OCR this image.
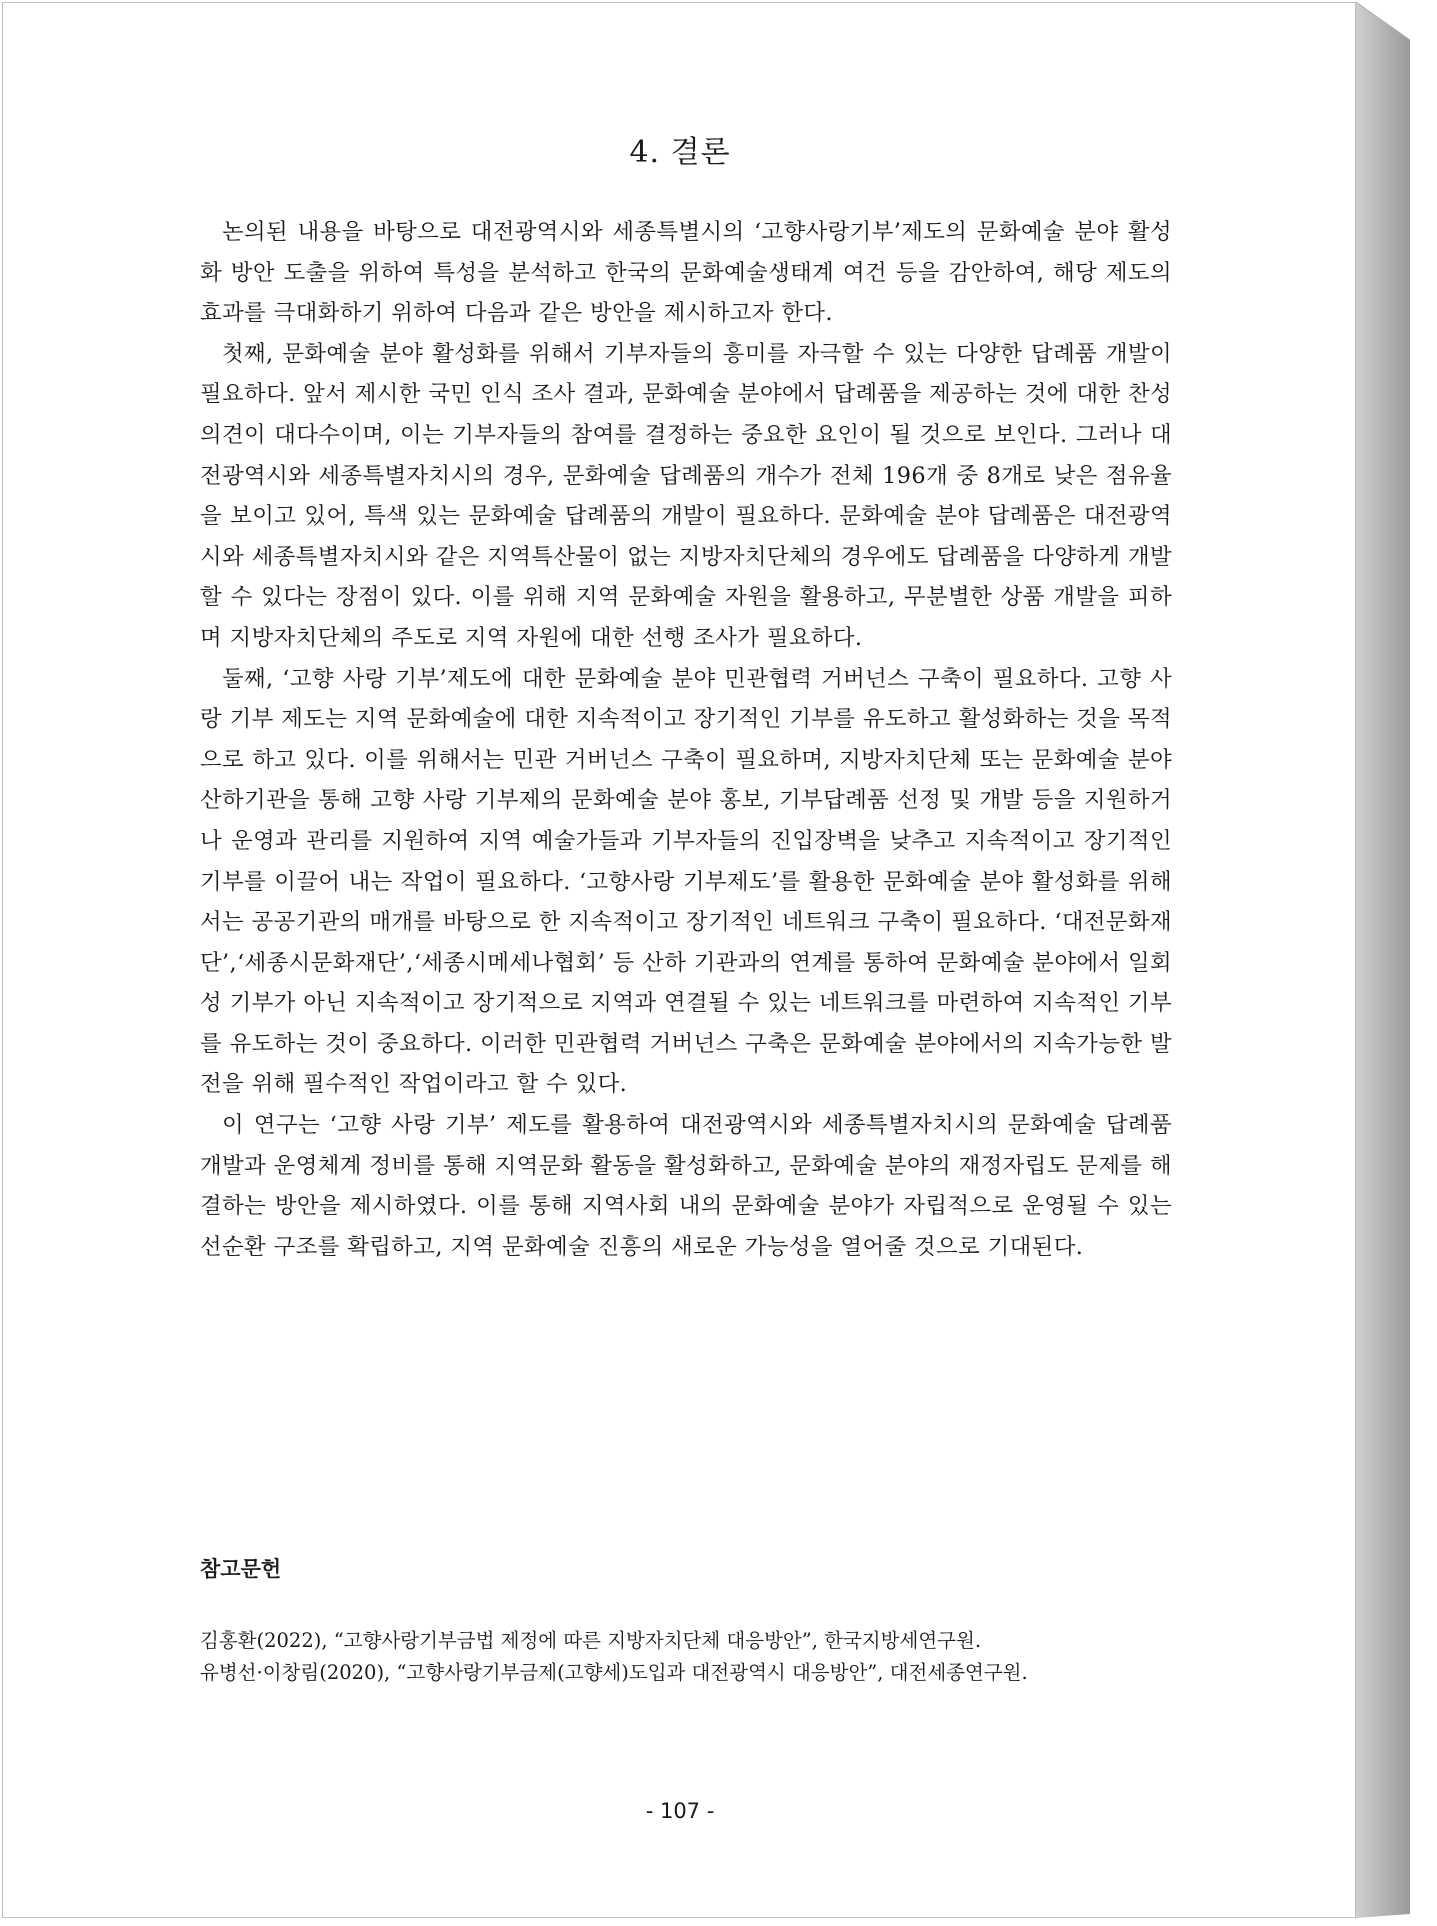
4. 결론

논의된 내용을 바탕으로 대전광역시와 세종특별시의 ‘고향사랑기부’제도의 문화예술 분야 활성화 방안 도출을 위하여 특성을 분석하고 한국의 문화예술생태계 여건 등을 감안하여, 해당 제도의 효과를 극대화하기 위하여 다음과 같은 방안을 제시하고자 한다.

첫째, 문화예술 분야 활성화를 위해서 기부자들의 흥미를 자극할 수 있는 다양한 답례품 개발이 필요하다. 앞서 제시한 국민 인식 조사 결과, 문화예술 분야에서 답례품을 제공하는 것에 대한 찬성 의견이 대다수이며, 이는 기부자들의 참여를 결정하는 중요한 요인이 될 것으로 보인다. 그러나 대전광역시와 세종특별자치시의 경우, 문화예술 답례품의 개수가 전체 196개 중 8개로 낮은 점유율을 보이고 있어, 특색 있는 문화예술 답례품의 개발이 필요하다. 문화예술 분야 답례품은 대전광역시와 세종특별자치시와 같은 지역특산물이 없는 지방자치단체의 경우에도 답례품을 다양하게 개발할 수 있다는 장점이 있다. 이를 위해 지역 문화예술 자원을 활용하고, 무분별한 상품 개발을 피하며 지방자치단체의 주도로 지역 자원에 대한 선행 조사가 필요하다.

둘째, ‘고향 사랑 기부’제도에 대한 문화예술 분야 민관협력 거버넌스 구축이 필요하다. 고향 사랑 기부 제도는 지역 문화예술에 대한 지속적이고 장기적인 기부를 유도하고 활성화하는 것을 목적으로 하고 있다. 이를 위해서는 민관 거버넌스 구축이 필요하며, 지방자치단체 또는 문화예술 분야 산하기관을 통해 고향 사랑 기부제의 문화예술 분야 홍보, 기부답례품 선정 및 개발 등을 지원하거나 운영과 관리를 지원하여 지역 예술가들과 기부자들의 진입장벽을 낮추고 지속적이고 장기적인 기부를 이끌어 내는 작업이 필요하다. ‘고향사랑 기부제도’를 활용한 문화예술 분야 활성화를 위해서는 공공기관의 매개를 바탕으로 한 지속적이고 장기적인 네트워크 구축이 필요하다. ‘대전문화재단’,‘세종시문화재단’,‘세종시메세나협회’ 등 산하 기관과의 연계를 통하여 문화예술 분야에서 일회성 기부가 아닌 지속적이고 장기적으로 지역과 연결될 수 있는 네트워크를 마련하여 지속적인 기부를 유도하는 것이 중요하다. 이러한 민관협력 거버넌스 구축은 문화예술 분야에서의 지속가능한 발전을 위해 필수적인 작업이라고 할 수 있다.

이 연구는 ‘고향 사랑 기부’ 제도를 활용하여 대전광역시와 세종특별자치시의 문화예술 답례품 개발과 운영체계 정비를 통해 지역문화 활동을 활성화하고, 문화예술 분야의 재정자립도 문제를 해결하는 방안을 제시하였다. 이를 통해 지역사회 내의 문화예술 분야가 자립적으로 운영될 수 있는 선순환 구조를 확립하고, 지역 문화예술 진흥의 새로운 가능성을 열어줄 것으로 기대된다.

참고문헌
김홍환(2022), “고향사랑기부금법 제정에 따른 지방자치단체 대응방안”, 한국지방세연구원.
유병선·이창림(2020), “고향사랑기부금제(고향세)도입과 대전광역시 대응방안”, 대전세종연구원.
- 107 -
